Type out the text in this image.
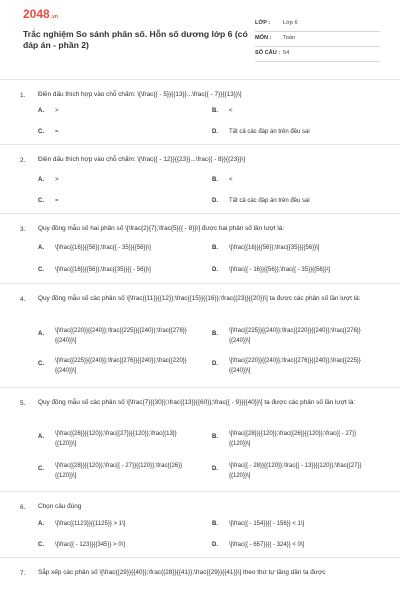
2048.vn
Trắc nghiệm So sánh phân số. Hỗn số dương lớp 6 (có đáp án - phần 2)
LỚP : Lớp 6
MÔN : Toán
SỐ CÂU : 54
1. Điền dấu thích hợp vào chỗ chấm: \[\frac{{ - 5}}{{13}}...\frac{{ - 7}}{{13}}\]
A. >	B. <
C. =	D. Tất cả các đáp án trên đều sai
2. Điền dấu thích hợp vào chỗ chấm: \[\frac{{ - 12}}{{23}}...\frac{{ - 8}}{{23}}\]
A. >	B. <
C. =	D. Tất cả các đáp án trên đều sai
3. Quy đồng mẫu số hai phân số \[\frac{2}{7};\frac{5}{{ - 8}}\] được hai phân số lần lượt là:
A. \[\frac{{16}}{{56}};\frac{{ - 35}}{{56}}\]	B. \[\frac{{16}}{{56}};\frac{{35}}{{56}}\]
C. \[\frac{{16}}{{56}};\frac{{35}}{{ - 56}}\]	D. \[\frac{{ - 16}}{{56}};\frac{{ - 35}}{{56}}\]
4. Quy đồng mẫu số các phân số \[\frac{{11}}{{12}};\frac{{15}}{{16}};\frac{{23}}{{20}}\] ta được các phân số lần lượt là:
A. \[\frac{{220}}{{240}};\frac{{225}}{{240}};\frac{{276}}{{240}}\]
B. \[\frac{{225}}{{240}};\frac{{220}}{{240}};\frac{{276}}{{240}}\]
C. \[\frac{{225}}{{240}};\frac{{276}}{{240}};\frac{{220}}{{240}}\]
D. \[\frac{{220}}{{240}};\frac{{276}}{{240}};\frac{{225}}{{240}}\]
5. Quy đồng mẫu số các phân số \[\frac{7}{{30}};\frac{{13}}{{60}};\frac{{ - 9}}{{40}}\] ta được các phân số lần lượt là:
A. \[\frac{{26}}{{120}};\frac{{27}}{{120}};\frac{{13}}{{120}}\]
B. \[\frac{{28}}{{120}};\frac{{26}}{{120}};\frac{{ - 27}}{{120}}\]
C. \[\frac{{28}}{{120}};\frac{{ - 27}}{{120}};\frac{{26}}{{120}}\]
D. \[\frac{{ - 28}}{{120}};\frac{{ - 13}}{{120}};\frac{{27}}{{120}}\]
6. Chọn câu đúng
A. \[\frac{{1123}}{{1125}} > 1\]	B. \[\frac{{ - 154}}{{ - 156}} < 1\]
C. \[\frac{{ - 123}}{{345}} > 0\]	D. \[\frac{{ - 657}}{{ - 324}} < 0\]
7. Sắp xếp các phân số \[\frac{{29}}{{40}};\frac{{28}}{{41}};\frac{{29}}{{41}}\] theo thứ tự tăng dần ta được
